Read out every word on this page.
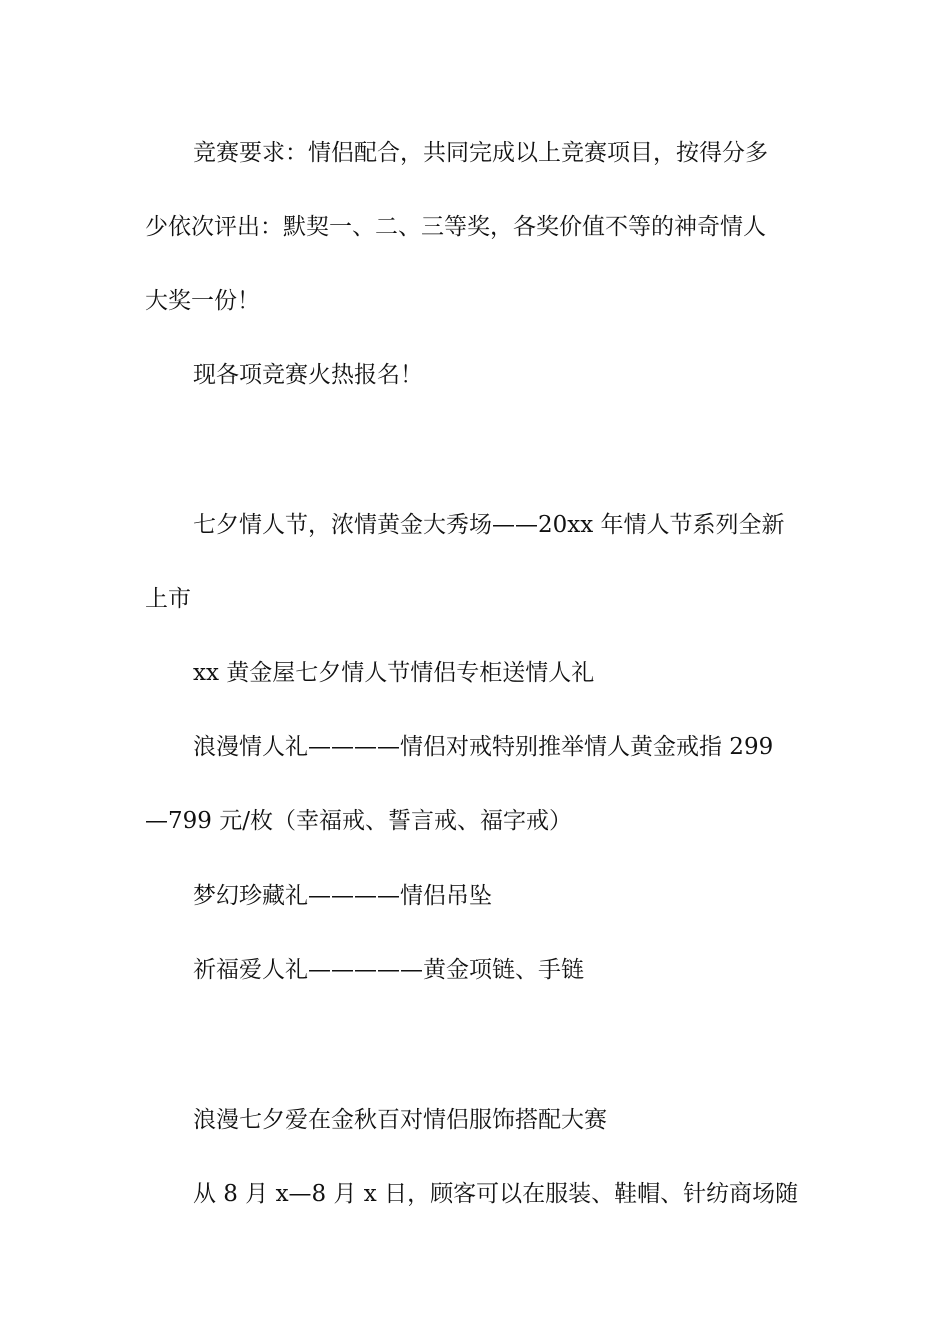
竞赛要求：情侣配合，共同完成以上竞赛项目，按得分多
少依次评出：默契一、二、三等奖，各奖价值不等的神奇情人
大奖一份！
现各项竞赛火热报名！
七夕情人节，浓情黄金大秀场——20xx 年情人节系列全新
上市
xx 黄金屋七夕情人节情侣专柜送情人礼
浪漫情人礼————情侣对戒特别推举情人黄金戒指 299
—799 元/枚（幸福戒、誓言戒、福字戒）
梦幻珍藏礼————情侣吊坠
祈福爱人礼—————黄金项链、手链
浪漫七夕爱在金秋百对情侣服饰搭配大赛
从 8 月 x—8 月 x 日，顾客可以在服装、鞋帽、针纺商场随
